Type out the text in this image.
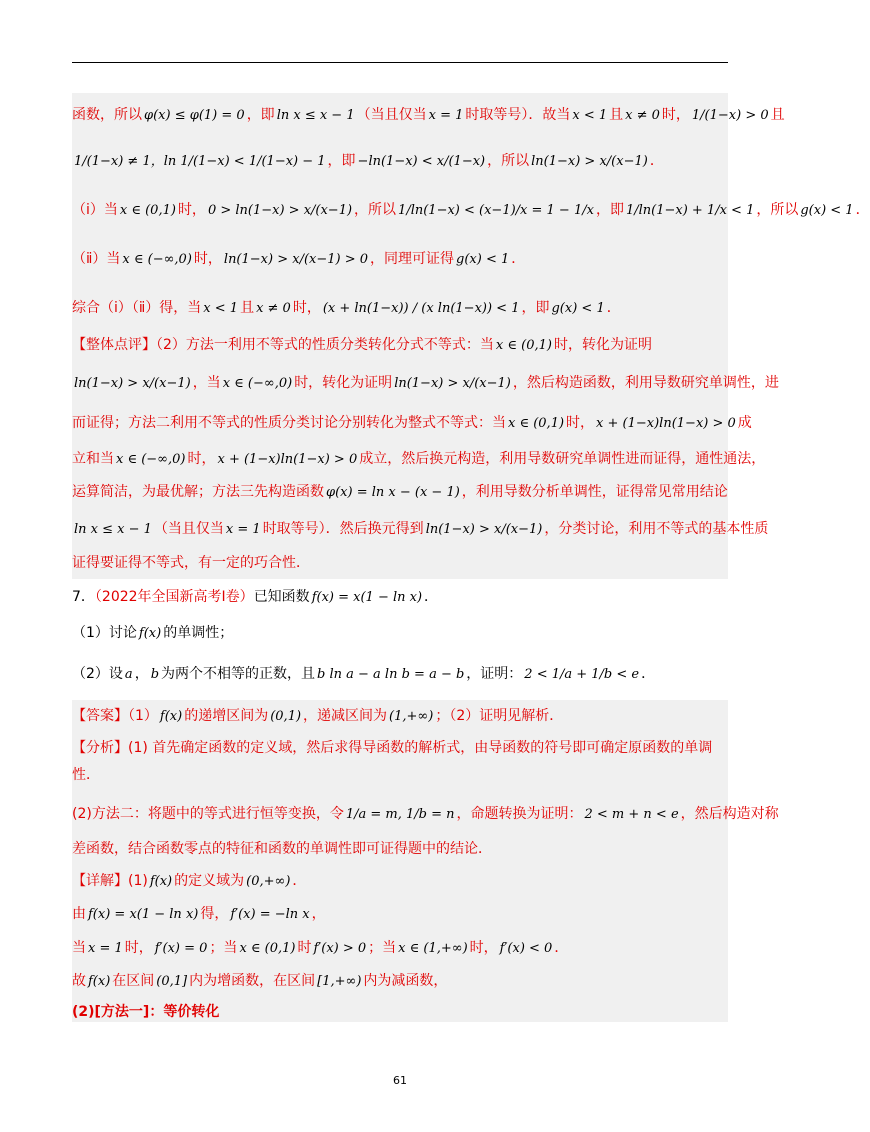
函数，所以 φ(x) ≤ φ(1) = 0 ，即 ln x ≤ x − 1 （当且仅当 x = 1 时取等号）．故当 x < 1 且 x ≠ 0 时， 1/(1−x) > 0 且
1/(1−x) ≠ 1，ln 1/(1−x) < 1/(1−x) − 1 ，即 −ln(1−x) < x/(1−x) ，所以 ln(1−x) > x/(x−1) ．
（ⅰ）当 x ∈ (0,1) 时， 0 > ln(1−x) > x/(x−1) ，所以 1/ln(1−x) < (x−1)/x = 1 − 1/x ，即 1/ln(1−x) + 1/x < 1 ，所以 g(x) < 1 ．
（ⅱ）当 x ∈ (−∞,0) 时， ln(1−x) > x/(x−1) > 0 ，同理可证得 g(x) < 1 ．
综合（ⅰ）（ⅱ）得，当 x < 1 且 x ≠ 0 时， (x + ln(1−x)) / (x ln(1−x)) < 1 ，即 g(x) < 1 ．
【整体点评】（2）方法一利用不等式的性质分类转化分式不等式：当 x ∈ (0,1) 时，转化为证明
ln(1−x) > x/(x−1) ，当 x ∈ (−∞,0) 时，转化为证明 ln(1−x) > x/(x−1) ，然后构造函数，利用导数研究单调性，进
而证得；方法二利用不等式的性质分类讨论分别转化为整式不等式：当 x ∈ (0,1) 时， x + (1−x)ln(1−x) > 0 成
立和当 x ∈ (−∞,0) 时， x + (1−x)ln(1−x) > 0 成立，然后换元构造，利用导数研究单调性进而证得，通性通法，
运算简洁，为最优解；方法三先构造函数 φ(x) = ln x − (x − 1) ，利用导数分析单调性，证得常见常用结论
ln x ≤ x − 1 （当且仅当 x = 1 时取等号）．然后换元得到 ln(1−x) > x/(x−1) ，分类讨论，利用不等式的基本性质
证得要证得不等式，有一定的巧合性．
7．（2022年全国新高考Ⅰ卷）已知函数 f(x) = x(1 − ln x) ．
（1）讨论 f(x) 的单调性；
（2）设 a ， b 为两个不相等的正数，且 b ln a − a ln b = a − b ，证明： 2 < 1/a + 1/b < e ．
【答案】（1） f(x) 的递增区间为 (0,1) ，递减区间为 (1,+∞) ；（2）证明见解析．
【分析】(1) 首先确定函数的定义域，然后求得导函数的解析式，由导函数的符号即可确定原函数的单调
性．
(2)方法二：将题中的等式进行恒等变换，令 1/a = m, 1/b = n ，命题转换为证明： 2 < m + n < e ，然后构造对称
差函数，结合函数零点的特征和函数的单调性即可证得题中的结论．
【详解】(1) f(x) 的定义域为 (0,+∞) ．
由 f(x) = x(1 − ln x) 得， f′(x) = −ln x ，
当 x = 1 时， f′(x) = 0 ；当 x ∈ (0,1) 时 f′(x) > 0 ；当 x ∈ (1,+∞) 时， f′(x) < 0 ．
故 f(x) 在区间 (0,1] 内为增函数，在区间 [1,+∞) 内为减函数，
(2)[方法一]：等价转化
61
